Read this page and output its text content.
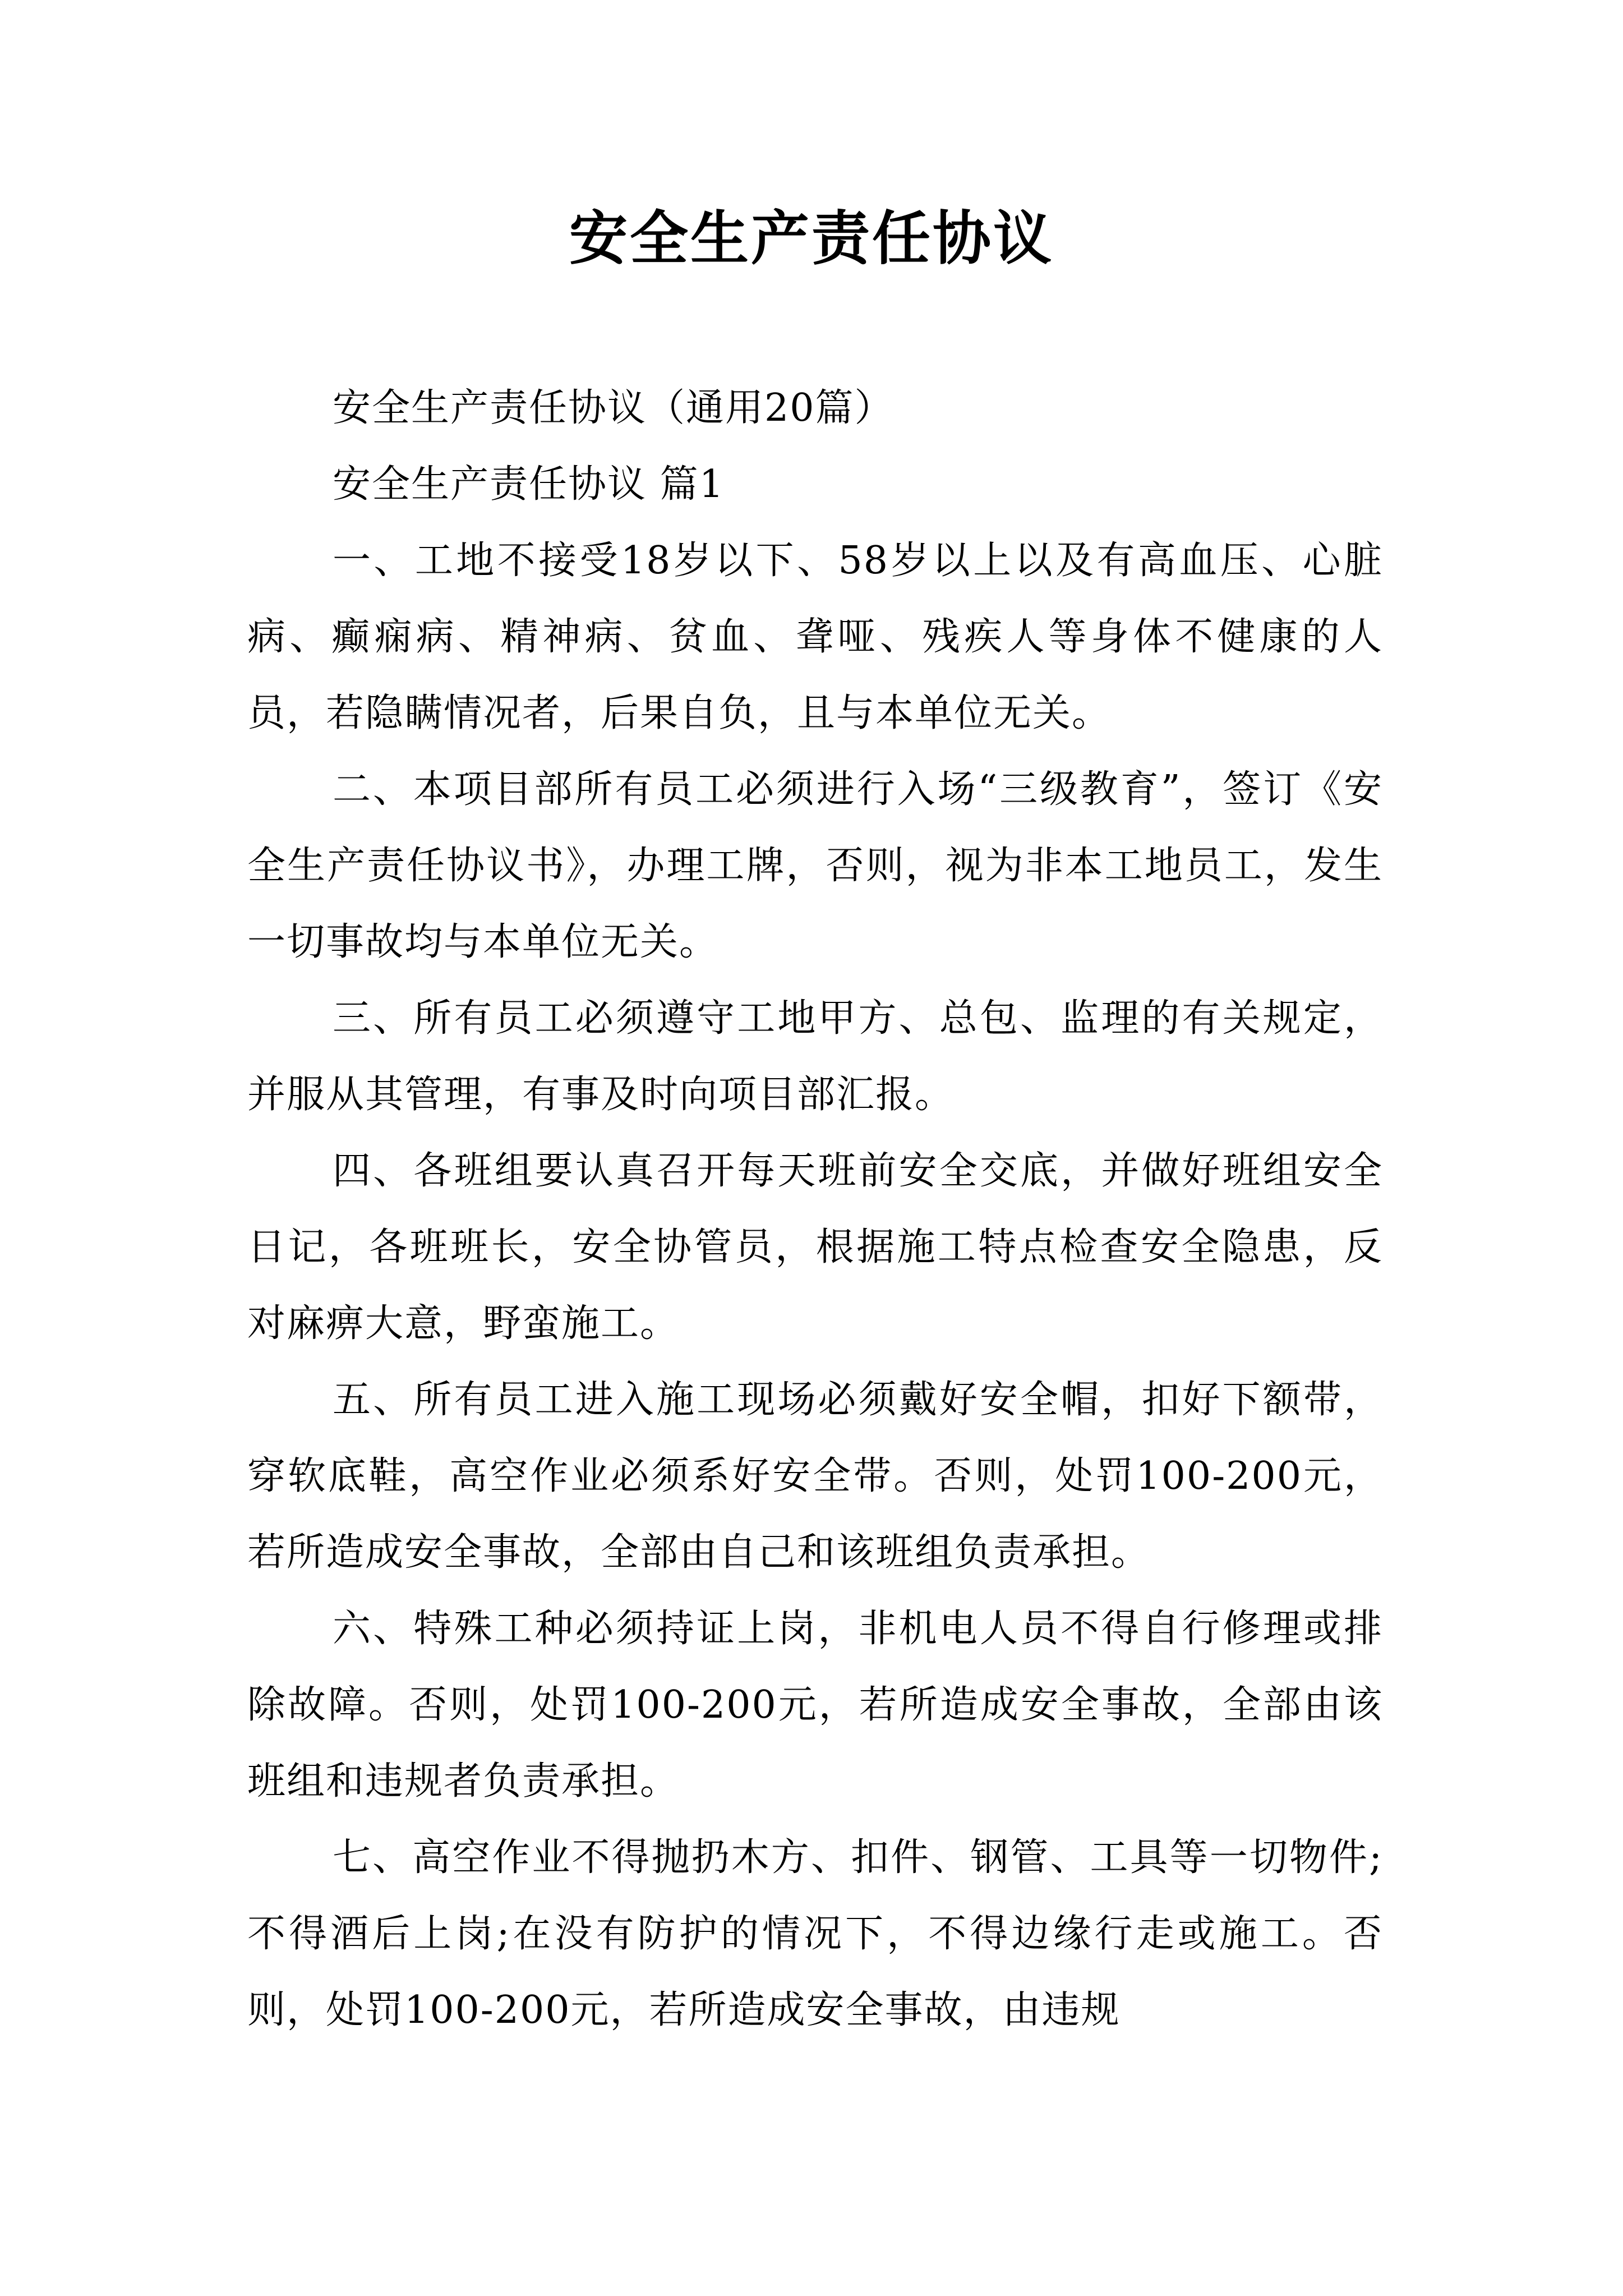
安全生产责任协议

安全生产责任协议（通用20篇）

安全生产责任协议 篇1

一、工地不接受18岁以下、58岁以上以及有高血压、心脏病、癫痫病、精神病、贫血、聋哑、残疾人等身体不健康的人员，若隐瞒情况者，后果自负，且与本单位无关。

二、本项目部所有员工必须进行入场“三级教育”，签订《安全生产责任协议书》，办理工牌，否则，视为非本工地员工，发生一切事故均与本单位无关。

三、所有员工必须遵守工地甲方、总包、监理的有关规定，并服从其管理，有事及时向项目部汇报。

四、各班组要认真召开每天班前安全交底，并做好班组安全日记，各班班长，安全协管员，根据施工特点检查安全隐患，反对麻痹大意，野蛮施工。

五、所有员工进入施工现场必须戴好安全帽，扣好下额带，穿软底鞋，高空作业必须系好安全带。否则，处罚100-200元，若所造成安全事故，全部由自己和该班组负责承担。

六、特殊工种必须持证上岗，非机电人员不得自行修理或排除故障。否则，处罚100-200元，若所造成安全事故，全部由该班组和违规者负责承担。

七、高空作业不得抛扔木方、扣件、钢管、工具等一切物件;不得酒后上岗;在没有防护的情况下，不得边缘行走或施工。否则，处罚100-200元，若所造成安全事故，由违规
